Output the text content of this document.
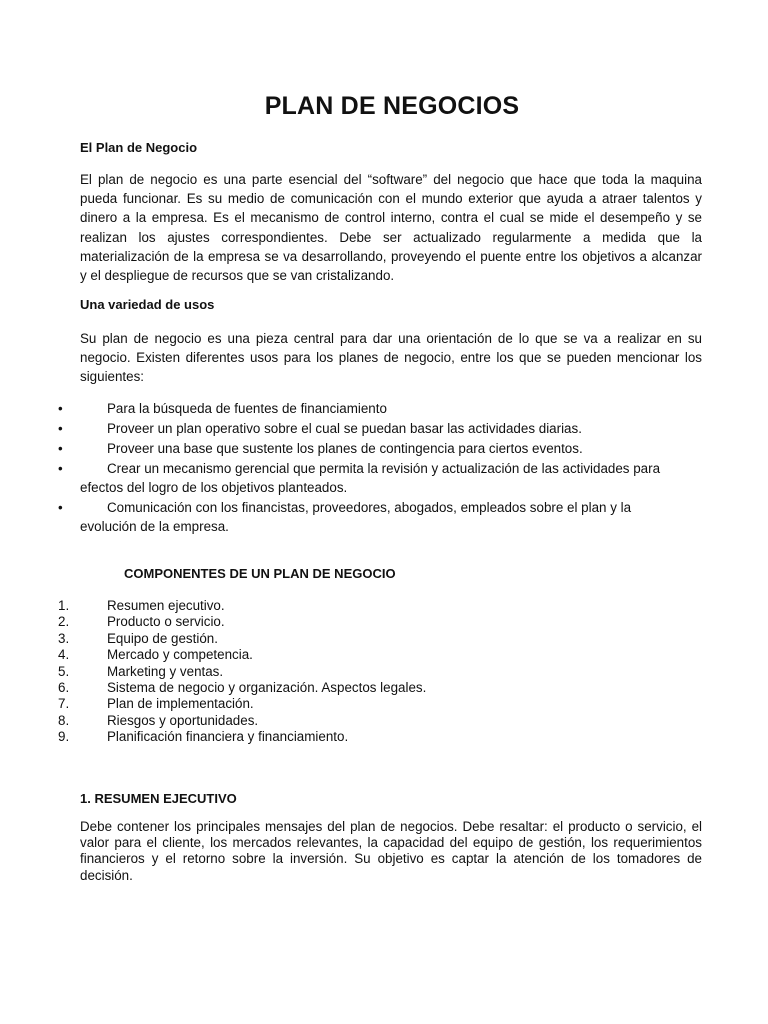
PLAN DE NEGOCIOS
El Plan de Negocio

El plan de negocio es una parte esencial del “software” del negocio que hace que toda la maquina pueda funcionar. Es su medio de comunicación con el mundo exterior que ayuda a atraer talentos y dinero a la empresa. Es el mecanismo de control interno, contra el cual se mide el desempeño y se realizan los ajustes correspondientes. Debe ser actualizado regularmente a medida que la materialización de la empresa se va desarrollando, proveyendo el puente entre los objetivos a alcanzar y el despliegue de recursos que se van cristalizando.

Una variedad de usos

Su plan de negocio es una pieza central para dar una orientación de lo que se va a realizar en su negocio. Existen diferentes usos para los planes de negocio, entre los que se pueden mencionar los siguientes:

•	Para la búsqueda de fuentes de financiamiento
•	Proveer un plan operativo sobre el cual se puedan basar las actividades diarias.
•	Proveer una base que sustente los planes de contingencia para ciertos eventos.
•	Crear un mecanismo gerencial que permita la revisión y actualización de las actividades para efectos del logro de los objetivos planteados.
•	Comunicación con los financistas, proveedores, abogados, empleados sobre el plan y la evolución de la empresa.
COMPONENTES DE UN PLAN DE NEGOCIO
1.	Resumen ejecutivo.
2.	Producto o servicio.
3.	Equipo de gestión.
4.	Mercado y competencia.
5.	Marketing y ventas.
6.	Sistema de negocio y organización. Aspectos legales.
7.	Plan de implementación.
8.	Riesgos y oportunidades.
9.	Planificación financiera y financiamiento.
1. RESUMEN EJECUTIVO

Debe contener los principales mensajes del plan de negocios. Debe resaltar: el producto o servicio, el valor para el cliente, los mercados relevantes, la capacidad del equipo de gestión, los requerimientos financieros y el retorno sobre la inversión. Su objetivo es captar la atención de los tomadores de decisión.
